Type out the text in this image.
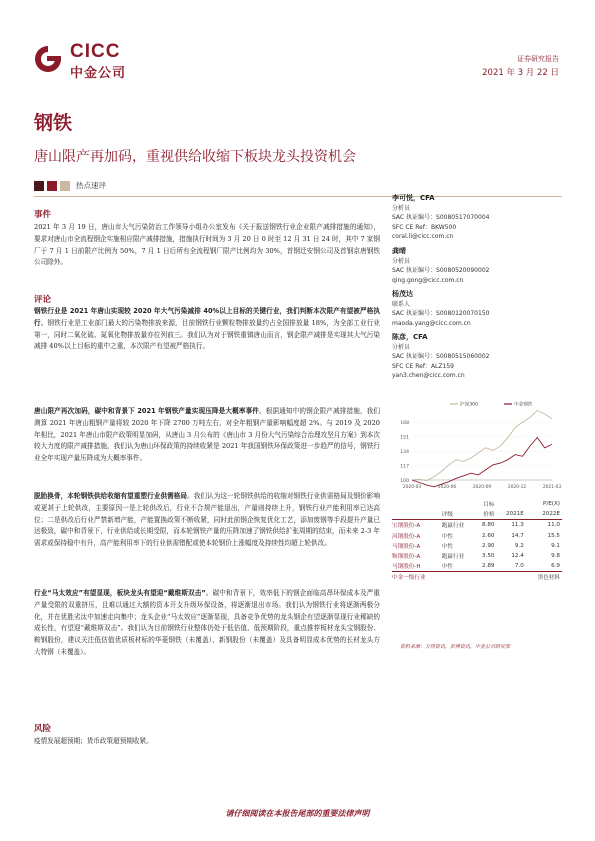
CICC
中金公司
证券研究报告
2021 年 3 月 22 日
钢铁
唐山限产再加码，重视供给收缩下板块龙头投资机会
热点速评
事件
2021 年 3 月 19 日，唐山市大气污染防治工作领导小组办公室发布《关于报送钢铁行业企业限产减排措施的通知》，要求对唐山市全流程钢企实施相应限产减排措施，措施执行时间为 3 月 20 日 0 时至 12 月 31 日 24 时，其中 7 家钢厂于 7 月 1 日前限产比例为 50%，7 月 1 日后所有全流程钢厂限产比例均为 30%，首钢迁安钢公司及首钢京唐钢铁公司除外。
评论
钢铁行业是 2021 年唐山实现较 2020 年大气污染减排 40%以上目标的关键行业，我们判断本次限产有望被严格执行。钢铁行业是工业部门最大的污染物排放来源，目前钢铁行业颗粒物排放量约占全国排放量 18%，为全部工业行业第一，同时二氧化硫、氮氧化物排放量亦位列前三。我们认为对于钢铁重镇唐山而言，钢企限产减排是实现其大气污染减排 40%以上目标的重中之重，本次限产有望被严格执行。
唐山限产再次加码，碳中和背景下 2021 年钢铁产量实现压降是大概率事件。根据通知中的钢企限产减排措施，我们测算 2021 年唐山粗钢产量将较 2020 年下降 2700 万吨左右，对全年粗钢产量影响幅度超 2%。与 2019 及 2020 年相比，2021 年唐山市限产政策明显加码，从唐山 3 月公布的《唐山市 3 月份大气污染综合治理攻坚月方案》到本次较大力度的限产减排措施，我们认为唐山环保政策的持续收紧是 2021 年我国钢铁环保政策进一步趋严的信号，钢铁行业全年实现产量压降成为大概率事件。
脱胎换骨，本轮钢铁供给收缩有望重塑行业供需格局。我们认为这一轮钢铁供给的收缩对钢铁行业供需格局及钢价影响或更甚于上轮供改，主要原因一是上轮供改后，行业不合规产能退出，产量则持续上升，钢铁行业产能利用率已达高位；二是供改后行业严禁新增产能，产能置换政策不断收紧，同时此前钢企恢复优化工艺，添加废钢等手段提升产量已达极致，碳中和背景下，行业供给或长期受限，而本轮钢铁产量的压降加速了钢铁供给扩张周期的结束，而未来 2-3 年需求或保持稳中有升，高产能利用率下的行业供需错配或使本轮钢价上涨幅度及持续性均超上轮供改。
行业“马太效应”有望显现，板块龙头有望迎“戴维斯双击”。碳中和背景下，效率低下的钢企面临高昂环保成本及严重产量受限的双重挤压，且难以通过大额的资本开支升级环保设备，将逐渐退出市场。我们认为钢铁行业将逐渐两极分化，并在优胜劣汰中加速走向集中；龙头企业“马太效应”逐渐显现，具备竞争优势的龙头钢企有望逐渐显现行业稀缺的成长性，有望迎“戴维斯双击”。我们认为目前钢铁行业整体仍处于低估值、低预期阶段，重点推荐板材龙头宝钢股份、鞍钢股份，建议关注低估值优质板材标的华菱钢铁（未覆盖）、新钢股份（未覆盖）及具备明显成本优势的长材龙头方大特钢（未覆盖）。
风险
疫情发展超预期；货币政策超预期收紧。
李可悦，CFA
分析员
SAC 执证编号：S0080517070004
SFC CE Ref：BKW500
coral.li@cicc.com.cn
龚晴
分析员
SAC 执证编号：S0080520090002
qing.gong@cicc.com.cn
杨茂达
联系人
SAC 执证编号：S0080120070150
maoda.yang@cicc.com.cn
陈彦，CFA
分析员
SAC 执证编号：S0080515060002
SFC CE Ref：ALZ159
yan3.chen@cicc.com.cn
168
151
134
117
100
2020-03	2020-06	2020-09	2020-12	2021-03
沪深300	中金钢铁
		目标	P/E(X)	
	评级	价格	2021E	2022E
宝钢股份-A	跑赢行业	8.80	11.3	11.0
河钢股份-A	中性	2.60	14.7	15.5
马钢股份-A	中性	2.90	9.2	9.1
鞍钢股份-A	跑赢行业	3.50	12.4	9.8
马钢股份-H	中性	2.89	7.0	6.9
中金一级行业				黑色材料
资料来源：万得资讯，彭博资讯，中金公司研究部
请仔细阅读在本报告尾部的重要法律声明
